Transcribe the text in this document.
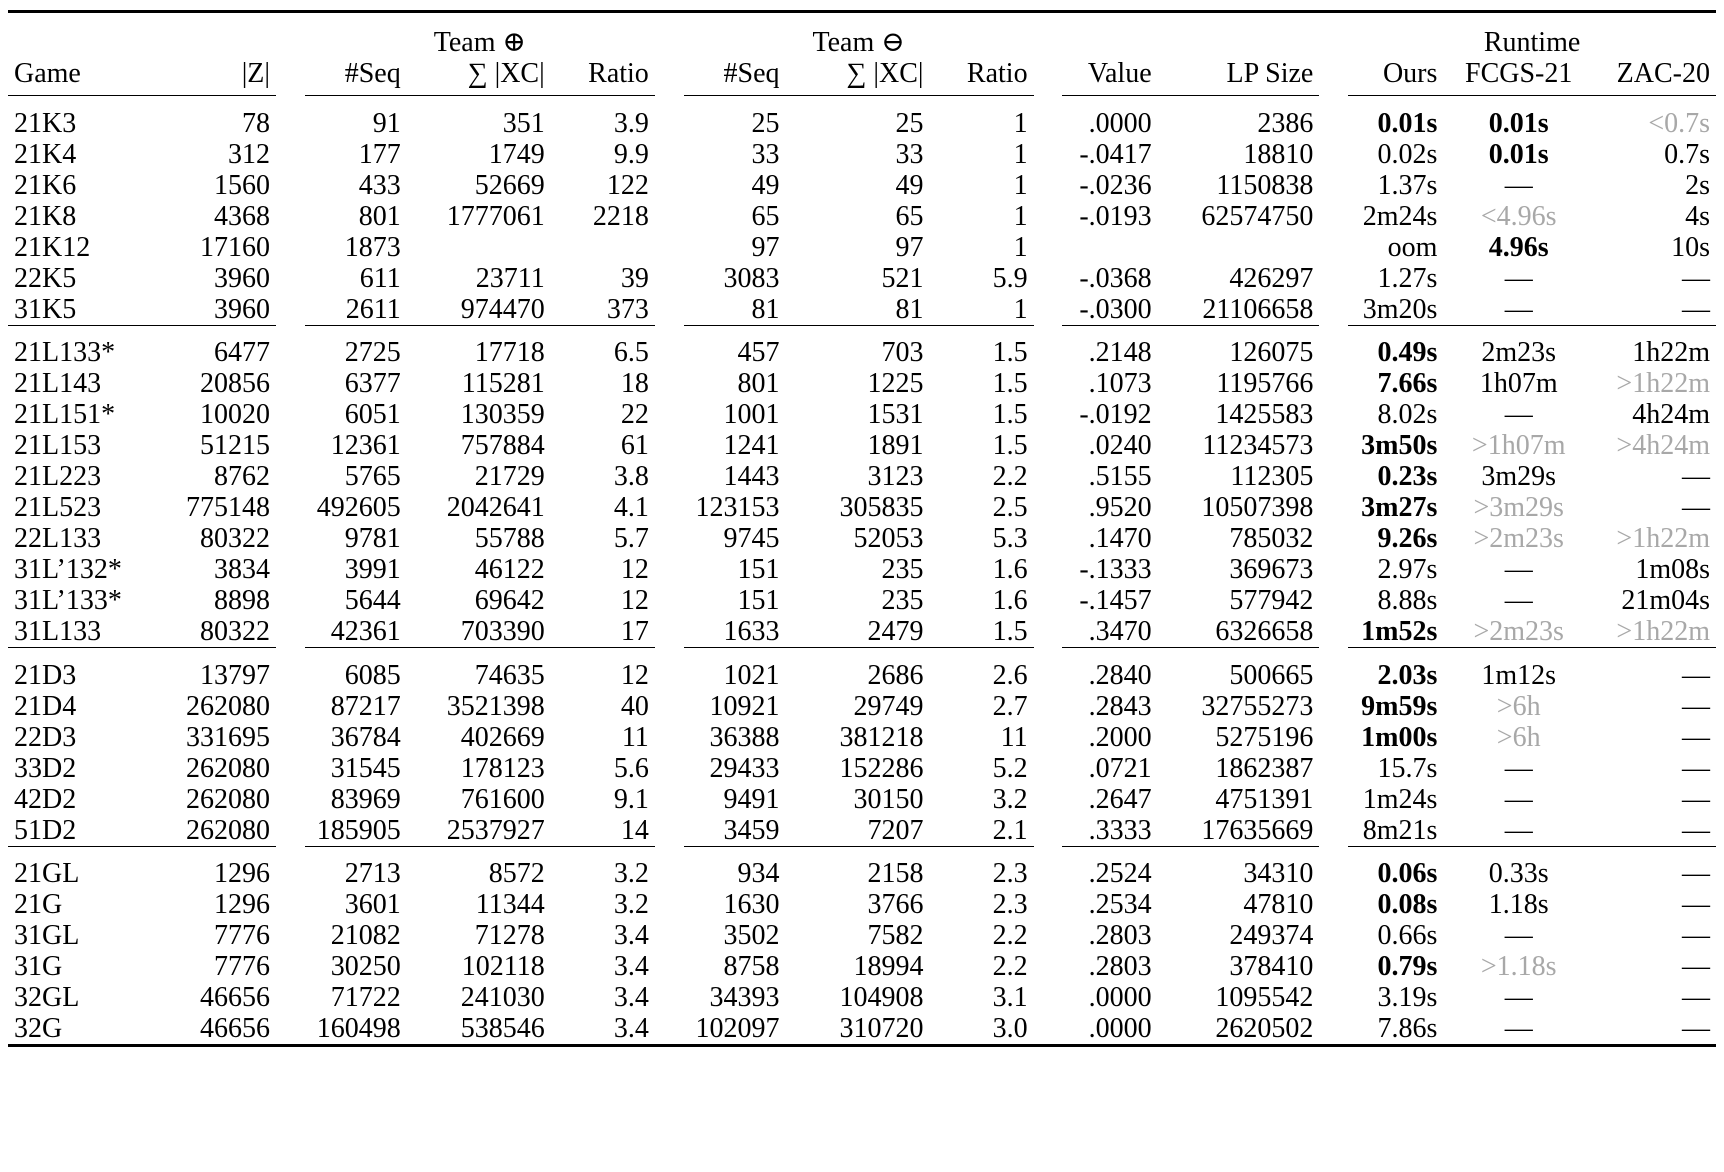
			Team ⊕				Team ⊖							Runtime		
Game	|Z|		#Seq	∑ |XC|	Ratio		#Seq	∑ |XC|	Ratio		Value	LP Size		Ours	FCGS-21	ZAC-20

21K3	78		91	351	3.9		25	25	1		.0000	2386		0.01s	0.01s	<0.7s
21K4	312		177	1749	9.9		33	33	1		-.0417	18810		0.02s	0.01s	0.7s
21K6	1560		433	52669	122		49	49	1		-.0236	1150838		1.37s	—	2s
21K8	4368		801	1777061	2218		65	65	1		-.0193	62574750		2m24s	<4.96s	4s
21K12	17160		1873				97	97	1					oom	4.96s	10s
22K5	3960		611	23711	39		3083	521	5.9		-.0368	426297		1.27s	—	—
31K5	3960		2611	974470	373		81	81	1		-.0300	21106658		3m20s	—	—

21L133*	6477		2725	17718	6.5		457	703	1.5		.2148	126075		0.49s	2m23s	1h22m
21L143	20856		6377	115281	18		801	1225	1.5		.1073	1195766		7.66s	1h07m	>1h22m
21L151*	10020		6051	130359	22		1001	1531	1.5		-.0192	1425583		8.02s	—	4h24m
21L153	51215		12361	757884	61		1241	1891	1.5		.0240	11234573		3m50s	>1h07m	>4h24m
21L223	8762		5765	21729	3.8		1443	3123	2.2		.5155	112305		0.23s	3m29s	—
21L523	775148		492605	2042641	4.1		123153	305835	2.5		.9520	10507398		3m27s	>3m29s	—
22L133	80322		9781	55788	5.7		9745	52053	5.3		.1470	785032		9.26s	>2m23s	>1h22m
31L’132*	3834		3991	46122	12		151	235	1.6		-.1333	369673		2.97s	—	1m08s
31L’133*	8898		5644	69642	12		151	235	1.6		-.1457	577942		8.88s	—	21m04s
31L133	80322		42361	703390	17		1633	2479	1.5		.3470	6326658		1m52s	>2m23s	>1h22m

21D3	13797		6085	74635	12		1021	2686	2.6		.2840	500665		2.03s	1m12s	—
21D4	262080		87217	3521398	40		10921	29749	2.7		.2843	32755273		9m59s	>6h	—
22D3	331695		36784	402669	11		36388	381218	11		.2000	5275196		1m00s	>6h	—
33D2	262080		31545	178123	5.6		29433	152286	5.2		.0721	1862387		15.7s	—	—
42D2	262080		83969	761600	9.1		9491	30150	3.2		.2647	4751391		1m24s	—	—
51D2	262080		185905	2537927	14		3459	7207	2.1		.3333	17635669		8m21s	—	—

21GL	1296		2713	8572	3.2		934	2158	2.3		.2524	34310		0.06s	0.33s	—
21G	1296		3601	11344	3.2		1630	3766	2.3		.2534	47810		0.08s	1.18s	—
31GL	7776		21082	71278	3.4		3502	7582	2.2		.2803	249374		0.66s	—	—
31G	7776		30250	102118	3.4		8758	18994	2.2		.2803	378410		0.79s	>1.18s	—
32GL	46656		71722	241030	3.4		34393	104908	3.1		.0000	1095542		3.19s	—	—
32G	46656		160498	538546	3.4		102097	310720	3.0		.0000	2620502		7.86s	—	—
